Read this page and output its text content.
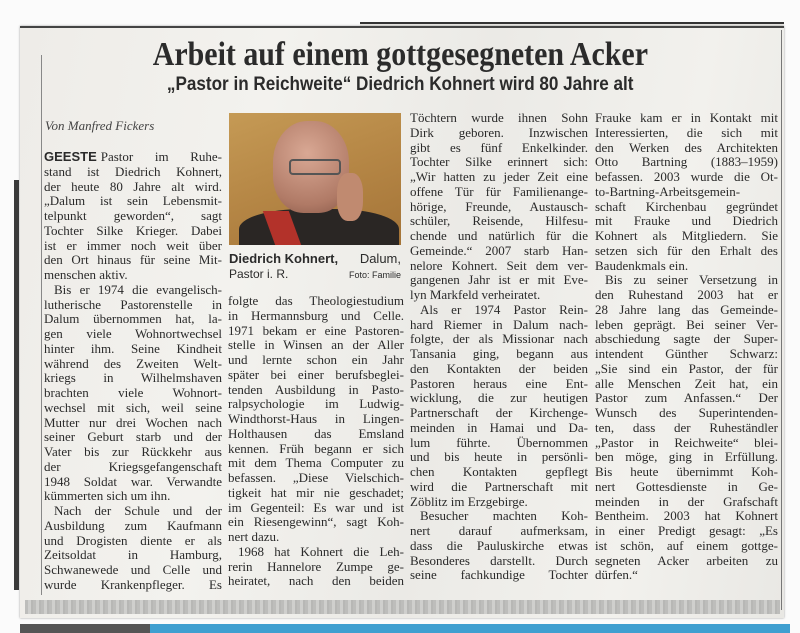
Arbeit auf einem gottgesegneten Acker
„Pastor in Reichweite“ Diedrich Kohnert wird 80 Jahre alt
Von Manfred Fickers
Diedrich Kohnert, Dalum,
Pastor i. R.	Foto: Familie
GEESTE Pastor im Ruhe-
stand ist Diedrich Kohnert,
der heute 80 Jahre alt wird.
„Dalum ist sein Lebensmit-
telpunkt geworden“, sagt
Tochter Silke Krieger. Dabei
ist er immer noch weit über
den Ort hinaus für seine Mit-
menschen aktiv.
Bis er 1974 die evangelisch-
lutherische Pastorenstelle in
Dalum übernommen hat, la-
gen viele Wohnortwechsel
hinter ihm. Seine Kindheit
während des Zweiten Welt-
kriegs in Wilhelmshaven
brachten viele Wohnort-
wechsel mit sich, weil seine
Mutter nur drei Wochen nach
seiner Geburt starb und der
Vater bis zur Rückkehr aus
der Kriegsgefangenschaft
1948 Soldat war. Verwandte
kümmerten sich um ihn.
Nach der Schule und der
Ausbildung zum Kaufmann
und Drogisten diente er als
Zeitsoldat in Hamburg,
Schwanewede und Celle und
wurde Krankenpfleger. Es
folgte das Theologiestudium
in Hermannsburg und Celle.
1971 bekam er eine Pastoren-
stelle in Winsen an der Aller
und lernte schon ein Jahr
später bei einer berufsbeglei-
tenden Ausbildung in Pasto-
ralpsychologie im Ludwig-
Windthorst-Haus in Lingen-
Holthausen das Emsland
kennen. Früh begann er sich
mit dem Thema Computer zu
befassen. „Diese Vielschich-
tigkeit hat mir nie geschadet;
im Gegenteil: Es war und ist
ein Riesengewinn“, sagt Koh-
nert dazu.
1968 hat Kohnert die Leh-
rerin Hannelore Zumpe ge-
heiratet, nach den beiden
Töchtern wurde ihnen Sohn
Dirk geboren. Inzwischen
gibt es fünf Enkelkinder.
Tochter Silke erinnert sich:
„Wir hatten zu jeder Zeit eine
offene Tür für Familienange-
hörige, Freunde, Austausch-
schüler, Reisende, Hilfesu-
chende und natürlich für die
Gemeinde.“ 2007 starb Han-
nelore Kohnert. Seit dem ver-
gangenen Jahr ist er mit Eve-
lyn Markfeld verheiratet.
Als er 1974 Pastor Rein-
hard Riemer in Dalum nach-
folgte, der als Missionar nach
Tansania ging, begann aus
den Kontakten der beiden
Pastoren heraus eine Ent-
wicklung, die zur heutigen
Partnerschaft der Kirchenge-
meinden in Hamai und Da-
lum führte. Übernommen
und bis heute in persönli-
chen Kontakten gepflegt
wird die Partnerschaft mit
Zöblitz im Erzgebirge.
Besucher machten Koh-
nert darauf aufmerksam,
dass die Pauluskirche etwas
Besonderes darstellt. Durch
seine fachkundige Tochter
Frauke kam er in Kontakt mit
Interessierten, die sich mit
den Werken des Architekten
Otto Bartning (1883–1959)
befassen. 2003 wurde die Ot-
to-Bartning-Arbeitsgemein-
schaft Kirchenbau gegründet
mit Frauke und Diedrich
Kohnert als Mitgliedern. Sie
setzen sich für den Erhalt des
Baudenkmals ein.
Bis zu seiner Versetzung in
den Ruhestand 2003 hat er
28 Jahre lang das Gemeinde-
leben geprägt. Bei seiner Ver-
abschiedung sagte der Super-
intendent Günther Schwarz:
„Sie sind ein Pastor, der für
alle Menschen Zeit hat, ein
Pastor zum Anfassen.“ Der
Wunsch des Superintenden-
ten, dass der Ruheständler
„Pastor in Reichweite“ blei-
ben möge, ging in Erfüllung.
Bis heute übernimmt Koh-
nert Gottesdienste in Ge-
meinden in der Grafschaft
Bentheim. 2003 hat Kohnert
in einer Predigt gesagt: „Es
ist schön, auf einem gottge-
segneten Acker arbeiten zu
dürfen.“
